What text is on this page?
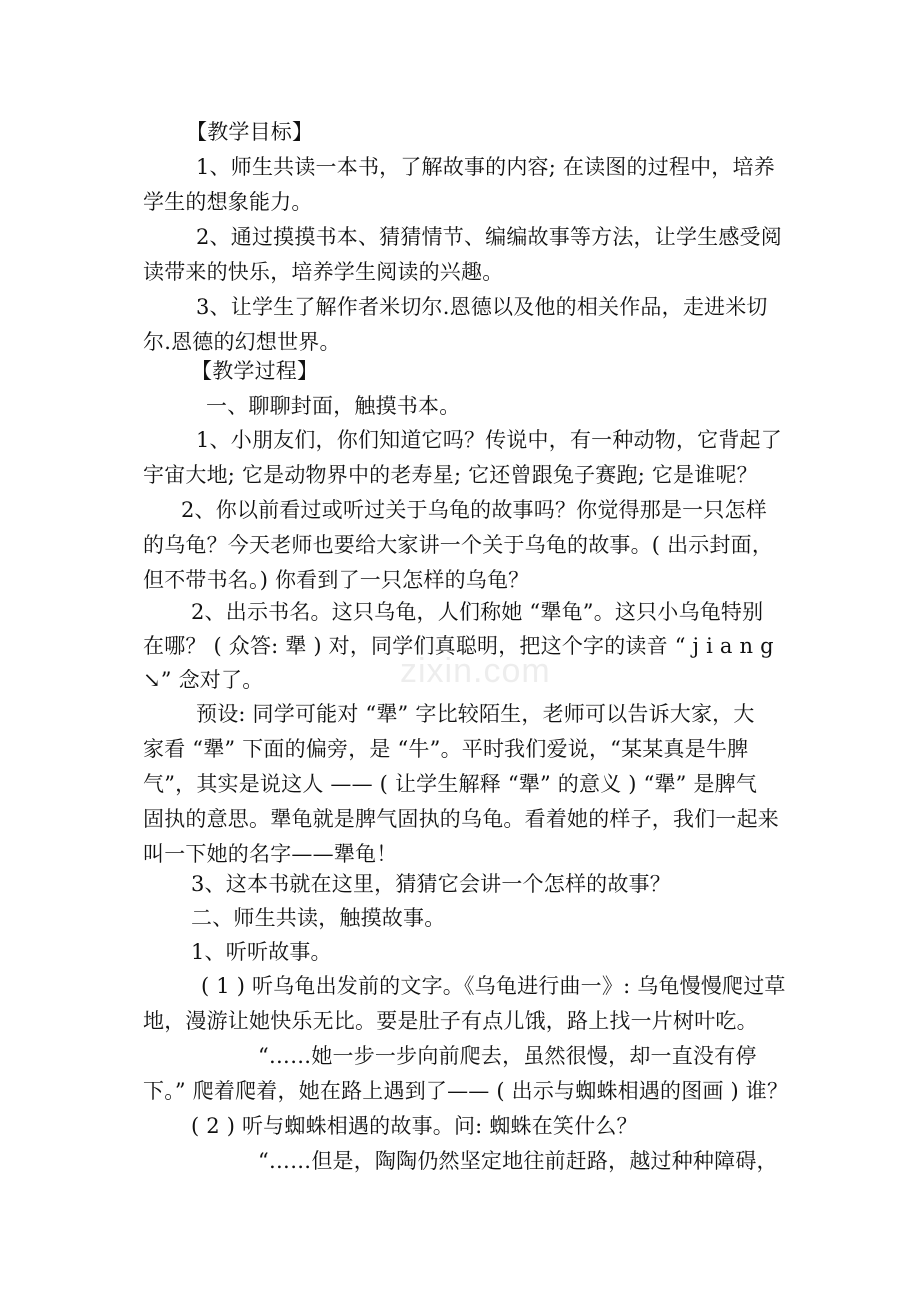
【教学目标】
1、师生共读一本书，了解故事的内容; 在读图的过程中，培养
学生的想象能力。
2、通过摸摸书本、猜猜情节、编编故事等方法，让学生感受阅
读带来的快乐，培养学生阅读的兴趣。
3、让学生了解作者米切尔.恩德以及他的相关作品，走进米切
尔.恩德的幻想世界。
【教学过程】
一、聊聊封面，触摸书本。
1、小朋友们，你们知道它吗？传说中，有一种动物，它背起了
宇宙大地; 它是动物界中的老寿星; 它还曾跟兔子赛跑; 它是谁呢？
2、你以前看过或听过关于乌龟的故事吗？你觉得那是一只怎样
的乌龟？今天老师也要给大家讲一个关于乌龟的故事。( 出示封面，
但不带书名。) 你看到了一只怎样的乌龟？
2、出示书名。这只乌龟，人们称她 “犟龟”。这只小乌龟特别
在哪？ ( 众答: 犟 ) 对，同学们真聪明，把这个字的读音 “ j i a n g
↘” 念对了。
预设: 同学可能对 “犟” 字比较陌生，老师可以告诉大家，大
家看 “犟” 下面的偏旁，是 “牛”。平时我们爱说，“某某真是牛脾
气”，其实是说这人 —— ( 让学生解释 “犟” 的意义 ) “犟” 是脾气
固执的意思。犟龟就是脾气固执的乌龟。看着她的样子，我们一起来
叫一下她的名字——犟龟！
3、这本书就在这里，猜猜它会讲一个怎样的故事？
二、师生共读，触摸故事。
1、听听故事。
( 1 ) 听乌龟出发前的文字。《乌龟进行曲一》: 乌龟慢慢爬过草
地，漫游让她快乐无比。要是肚子有点儿饿，路上找一片树叶吃。
“……她一步一步向前爬去，虽然很慢，却一直没有停
下。” 爬着爬着，她在路上遇到了—— ( 出示与蜘蛛相遇的图画 ) 谁？
( 2 ) 听与蜘蛛相遇的故事。问: 蜘蛛在笑什么？
“……但是，陶陶仍然坚定地往前赶路，越过种种障碍，
zixin.com
